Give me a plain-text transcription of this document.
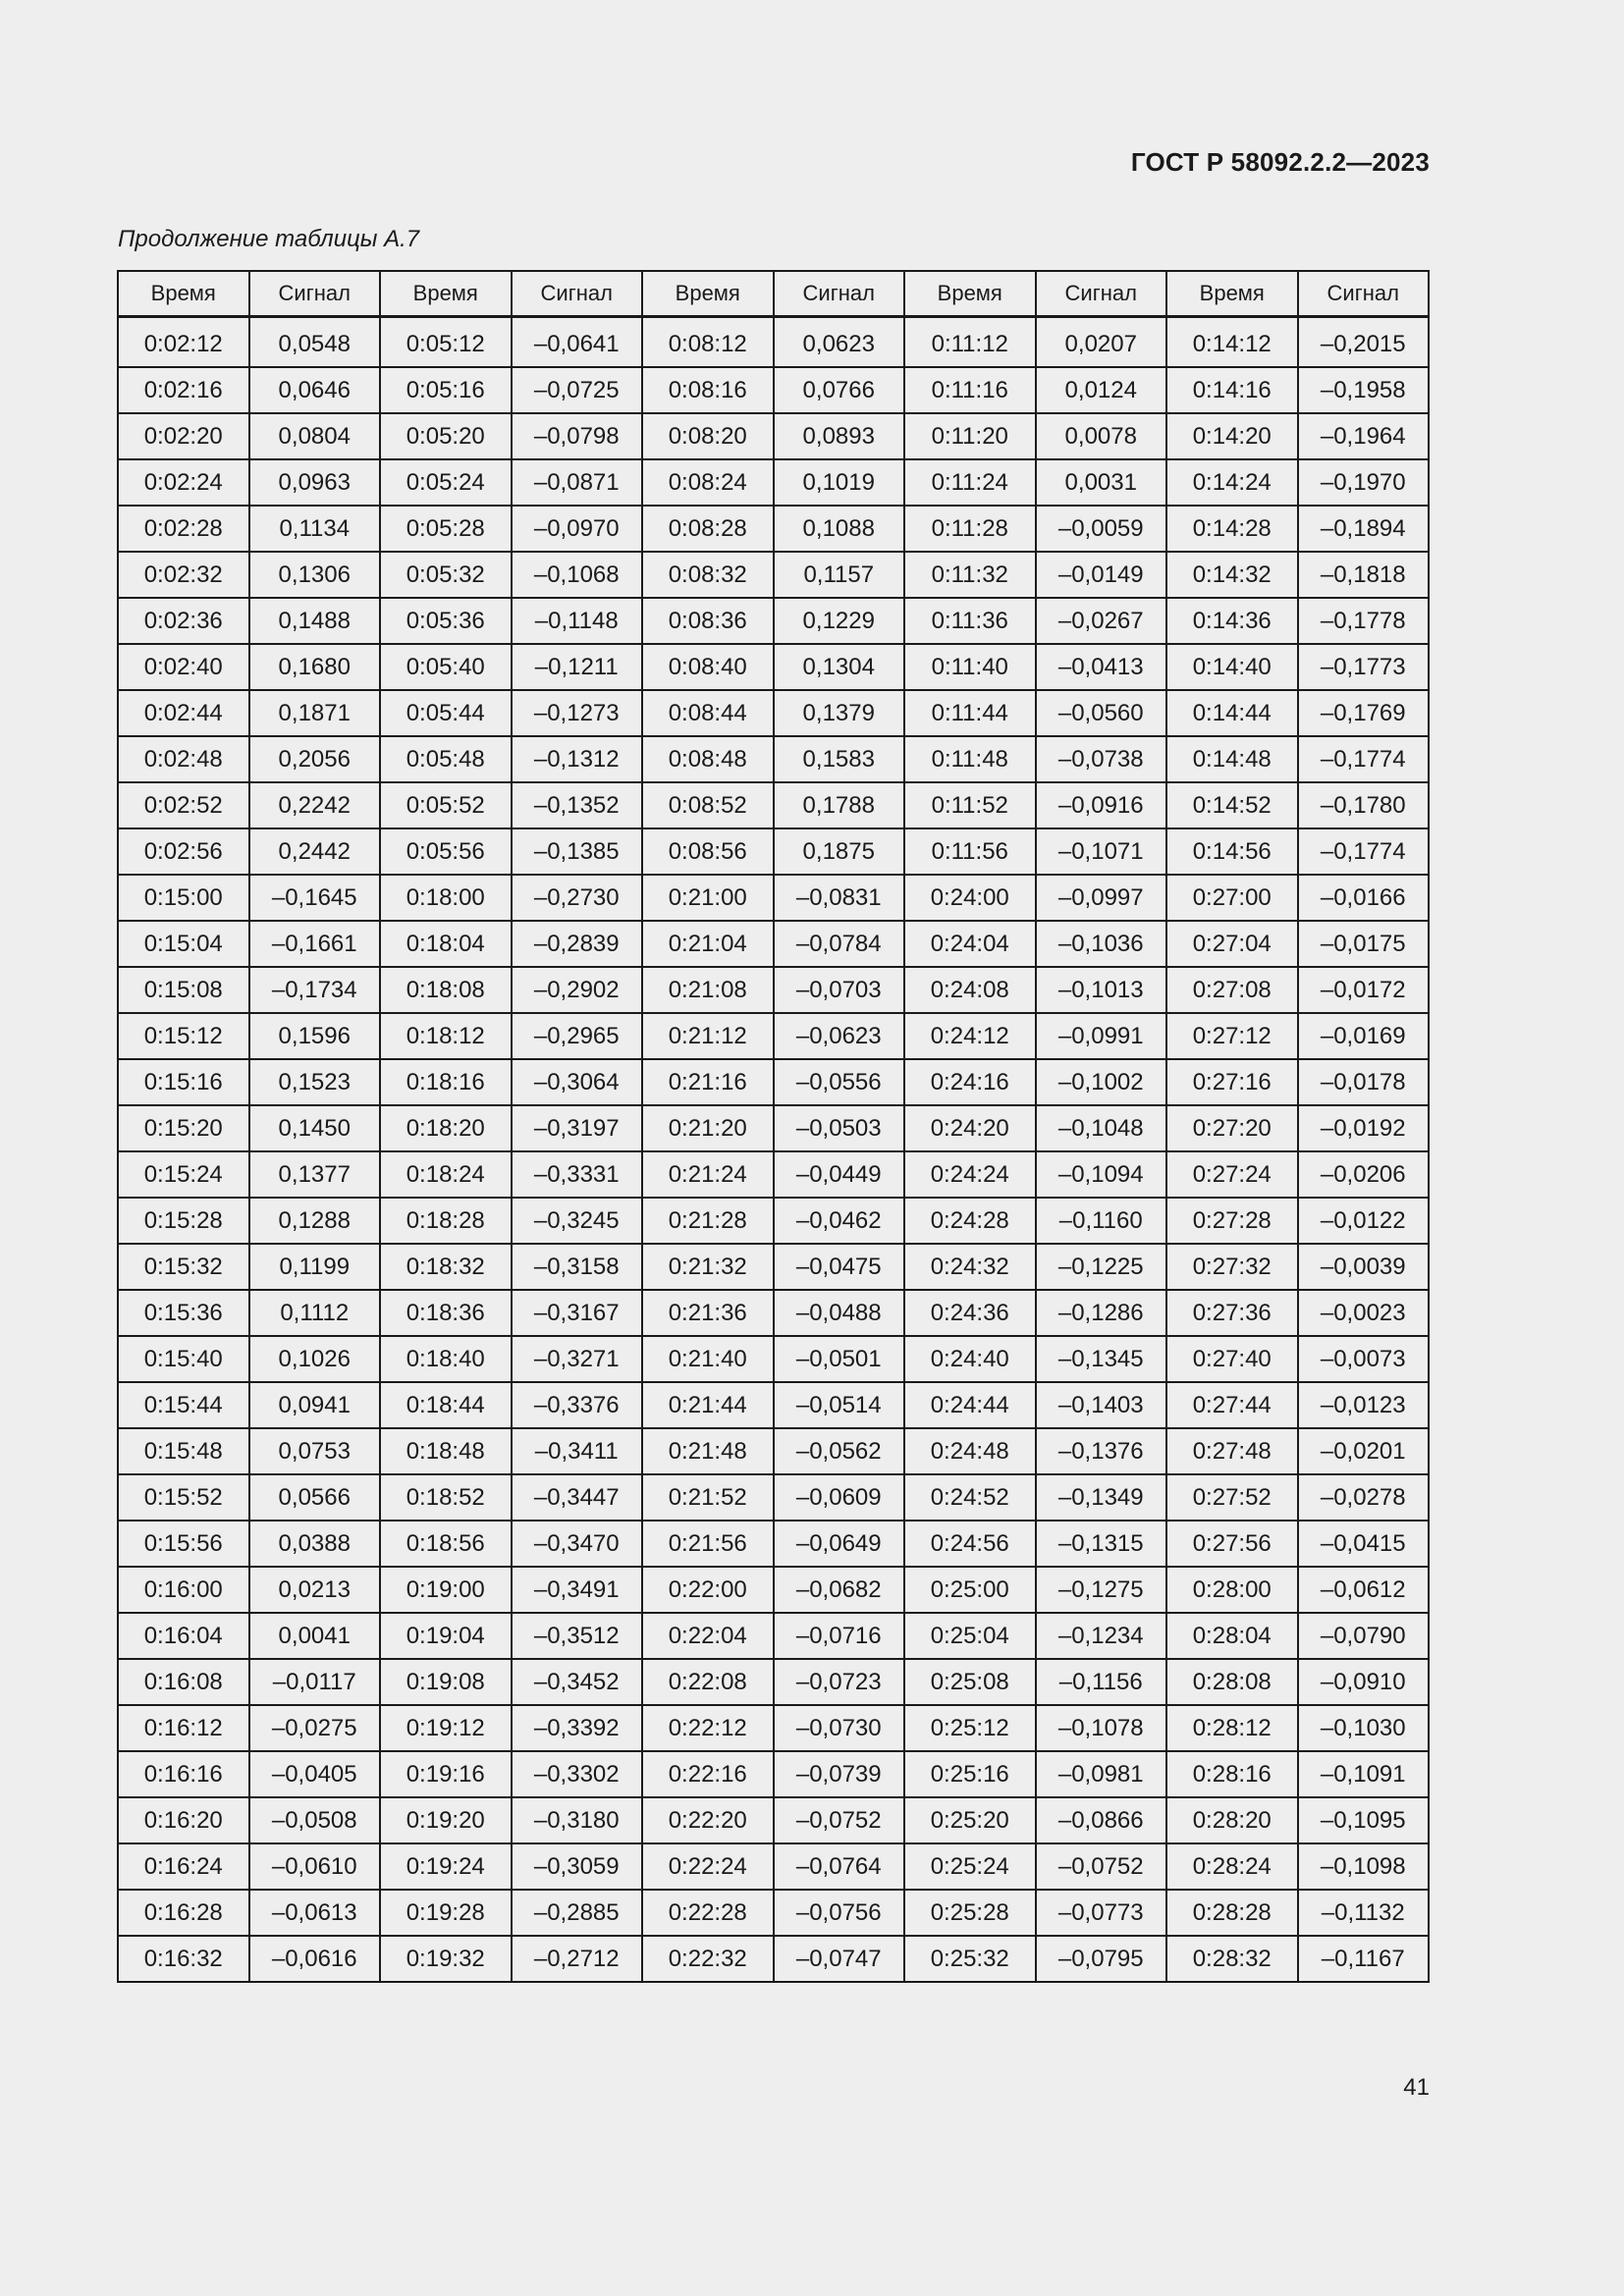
ГОСТ Р 58092.2.2—2023
Продолжение таблицы А.7
Время	Сигнал	Время	Сигнал	Время	Сигнал	Время	Сигнал	Время	Сигнал
0:02:12	0,0548	0:05:12	–0,0641	0:08:12	0,0623	0:11:12	0,0207	0:14:12	–0,2015
0:02:16	0,0646	0:05:16	–0,0725	0:08:16	0,0766	0:11:16	0,0124	0:14:16	–0,1958
0:02:20	0,0804	0:05:20	–0,0798	0:08:20	0,0893	0:11:20	0,0078	0:14:20	–0,1964
0:02:24	0,0963	0:05:24	–0,0871	0:08:24	0,1019	0:11:24	0,0031	0:14:24	–0,1970
0:02:28	0,1134	0:05:28	–0,0970	0:08:28	0,1088	0:11:28	–0,0059	0:14:28	–0,1894
0:02:32	0,1306	0:05:32	–0,1068	0:08:32	0,1157	0:11:32	–0,0149	0:14:32	–0,1818
0:02:36	0,1488	0:05:36	–0,1148	0:08:36	0,1229	0:11:36	–0,0267	0:14:36	–0,1778
0:02:40	0,1680	0:05:40	–0,1211	0:08:40	0,1304	0:11:40	–0,0413	0:14:40	–0,1773
0:02:44	0,1871	0:05:44	–0,1273	0:08:44	0,1379	0:11:44	–0,0560	0:14:44	–0,1769
0:02:48	0,2056	0:05:48	–0,1312	0:08:48	0,1583	0:11:48	–0,0738	0:14:48	–0,1774
0:02:52	0,2242	0:05:52	–0,1352	0:08:52	0,1788	0:11:52	–0,0916	0:14:52	–0,1780
0:02:56	0,2442	0:05:56	–0,1385	0:08:56	0,1875	0:11:56	–0,1071	0:14:56	–0,1774
0:15:00	–0,1645	0:18:00	–0,2730	0:21:00	–0,0831	0:24:00	–0,0997	0:27:00	–0,0166
0:15:04	–0,1661	0:18:04	–0,2839	0:21:04	–0,0784	0:24:04	–0,1036	0:27:04	–0,0175
0:15:08	–0,1734	0:18:08	–0,2902	0:21:08	–0,0703	0:24:08	–0,1013	0:27:08	–0,0172
0:15:12	0,1596	0:18:12	–0,2965	0:21:12	–0,0623	0:24:12	–0,0991	0:27:12	–0,0169
0:15:16	0,1523	0:18:16	–0,3064	0:21:16	–0,0556	0:24:16	–0,1002	0:27:16	–0,0178
0:15:20	0,1450	0:18:20	–0,3197	0:21:20	–0,0503	0:24:20	–0,1048	0:27:20	–0,0192
0:15:24	0,1377	0:18:24	–0,3331	0:21:24	–0,0449	0:24:24	–0,1094	0:27:24	–0,0206
0:15:28	0,1288	0:18:28	–0,3245	0:21:28	–0,0462	0:24:28	–0,1160	0:27:28	–0,0122
0:15:32	0,1199	0:18:32	–0,3158	0:21:32	–0,0475	0:24:32	–0,1225	0:27:32	–0,0039
0:15:36	0,1112	0:18:36	–0,3167	0:21:36	–0,0488	0:24:36	–0,1286	0:27:36	–0,0023
0:15:40	0,1026	0:18:40	–0,3271	0:21:40	–0,0501	0:24:40	–0,1345	0:27:40	–0,0073
0:15:44	0,0941	0:18:44	–0,3376	0:21:44	–0,0514	0:24:44	–0,1403	0:27:44	–0,0123
0:15:48	0,0753	0:18:48	–0,3411	0:21:48	–0,0562	0:24:48	–0,1376	0:27:48	–0,0201
0:15:52	0,0566	0:18:52	–0,3447	0:21:52	–0,0609	0:24:52	–0,1349	0:27:52	–0,0278
0:15:56	0,0388	0:18:56	–0,3470	0:21:56	–0,0649	0:24:56	–0,1315	0:27:56	–0,0415
0:16:00	0,0213	0:19:00	–0,3491	0:22:00	–0,0682	0:25:00	–0,1275	0:28:00	–0,0612
0:16:04	0,0041	0:19:04	–0,3512	0:22:04	–0,0716	0:25:04	–0,1234	0:28:04	–0,0790
0:16:08	–0,0117	0:19:08	–0,3452	0:22:08	–0,0723	0:25:08	–0,1156	0:28:08	–0,0910
0:16:12	–0,0275	0:19:12	–0,3392	0:22:12	–0,0730	0:25:12	–0,1078	0:28:12	–0,1030
0:16:16	–0,0405	0:19:16	–0,3302	0:22:16	–0,0739	0:25:16	–0,0981	0:28:16	–0,1091
0:16:20	–0,0508	0:19:20	–0,3180	0:22:20	–0,0752	0:25:20	–0,0866	0:28:20	–0,1095
0:16:24	–0,0610	0:19:24	–0,3059	0:22:24	–0,0764	0:25:24	–0,0752	0:28:24	–0,1098
0:16:28	–0,0613	0:19:28	–0,2885	0:22:28	–0,0756	0:25:28	–0,0773	0:28:28	–0,1132
0:16:32	–0,0616	0:19:32	–0,2712	0:22:32	–0,0747	0:25:32	–0,0795	0:28:32	–0,1167
41
